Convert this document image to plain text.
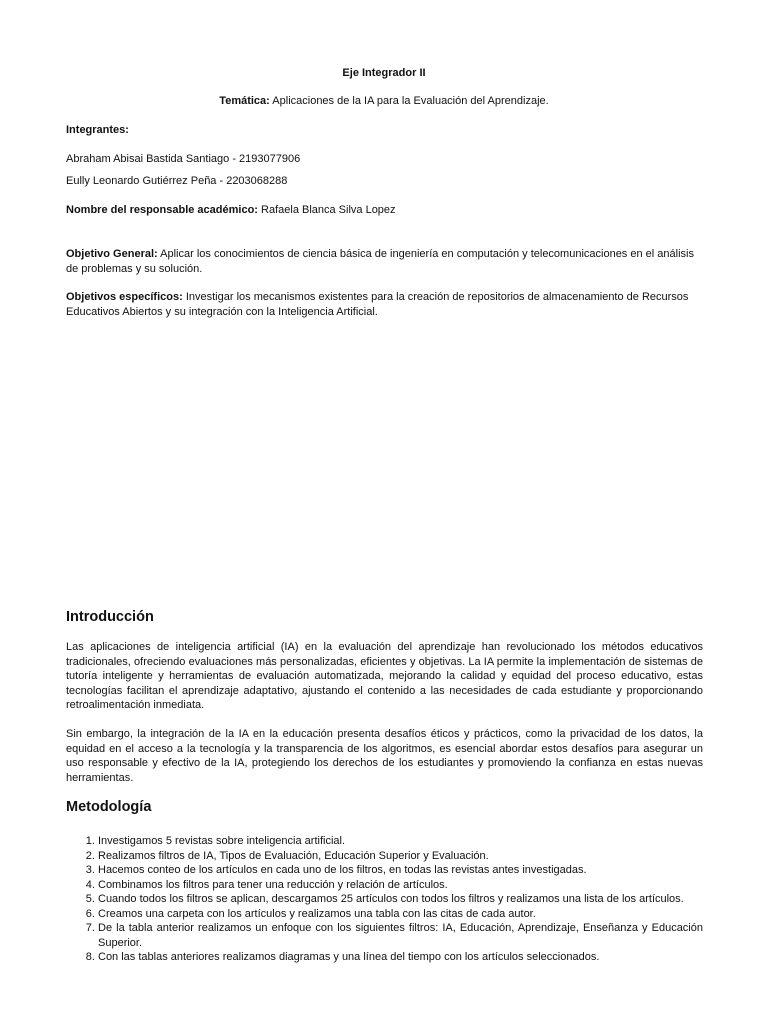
Eje Integrador II
Temática: Aplicaciones de la IA para la Evaluación del Aprendizaje.
Integrantes:
Abraham Abisai Bastida Santiago - 2193077906
Eully Leonardo Gutiérrez Peña - 2203068288
Nombre del responsable académico: Rafaela Blanca Silva Lopez

Objetivo General: Aplicar los conocimientos de ciencia básica de ingeniería en computación y telecomunicaciones en el análisis de problemas y su solución.

Objetivos específicos: Investigar los mecanismos existentes para la creación de repositorios de almacenamiento de Recursos Educativos Abiertos y su integración con la Inteligencia Artificial.

Introducción

Las aplicaciones de inteligencia artificial (IA) en la evaluación del aprendizaje han revolucionado los métodos educativos tradicionales, ofreciendo evaluaciones más personalizadas, eficientes y objetivas. La IA permite la implementación de sistemas de tutoría inteligente y herramientas de evaluación automatizada, mejorando la calidad y equidad del proceso educativo, estas tecnologías facilitan el aprendizaje adaptativo, ajustando el contenido a las necesidades de cada estudiante y proporcionando retroalimentación inmediata.

Sin embargo, la integración de la IA en la educación presenta desafíos éticos y prácticos, como la privacidad de los datos, la equidad en el acceso a la tecnología y la transparencia de los algoritmos, es esencial abordar estos desafíos para asegurar un uso responsable y efectivo de la IA, protegiendo los derechos de los estudiantes y promoviendo la confianza en estas nuevas herramientas.

Metodología
1. Investigamos 5 revistas sobre inteligencia artificial.
2. Realizamos filtros de IA, Tipos de Evaluación, Educación Superior y Evaluación.
3. Hacemos conteo de los artículos en cada uno de los filtros, en todas las revistas antes investigadas.
4. Combinamos los filtros para tener una reducción y relación de artículos.
5. Cuando todos los filtros se aplican, descargamos 25 artículos con todos los filtros y realizamos una lista de los artículos.
6. Creamos una carpeta con los artículos y realizamos una tabla con las citas de cada autor.
7. De la tabla anterior realizamos un enfoque con los siguientes filtros: IA, Educación, Aprendizaje, Enseñanza y Educación Superior.
8. Con las tablas anteriores realizamos diagramas y una línea del tiempo con los artículos seleccionados.
